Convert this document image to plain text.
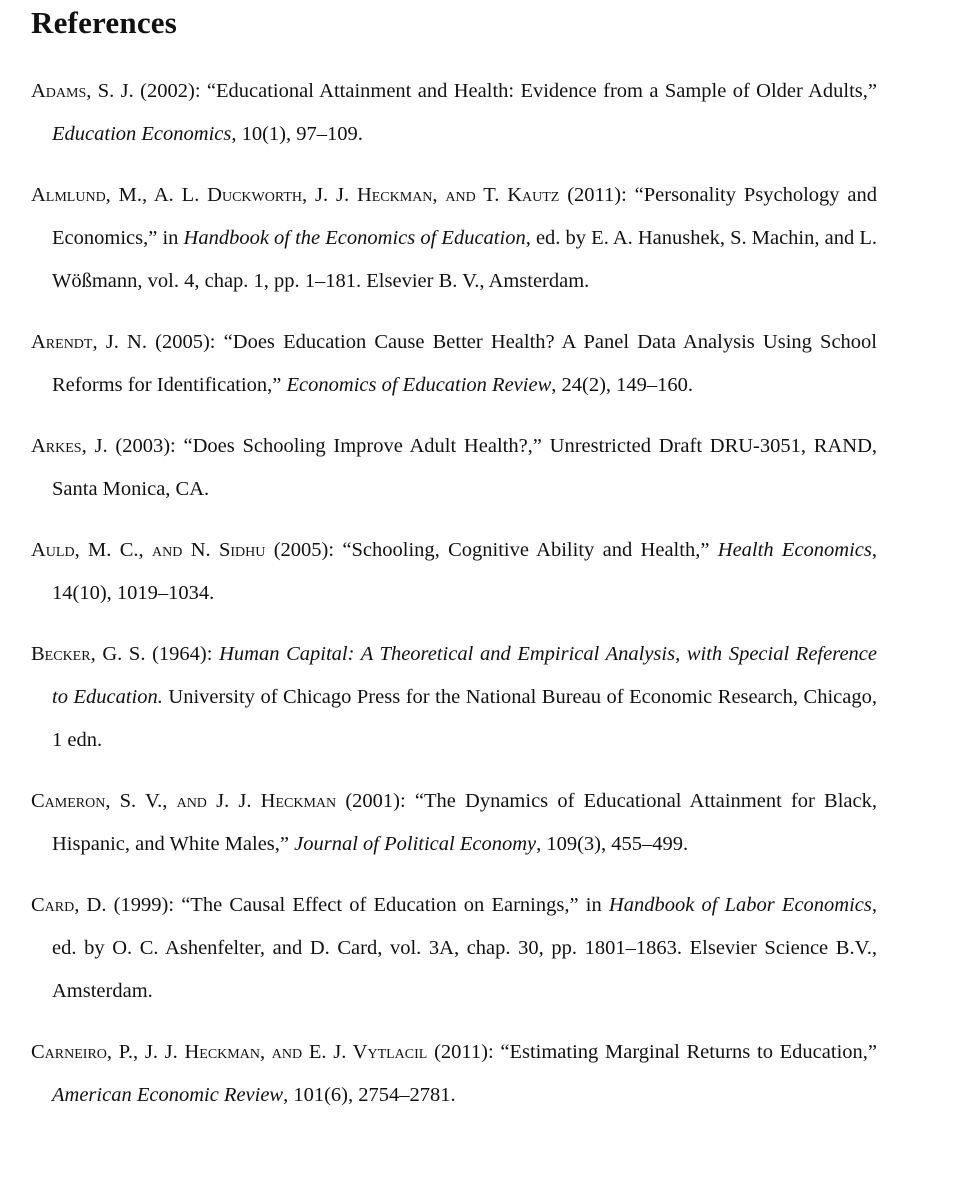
References
Adams, S. J. (2002): “Educational Attainment and Health: Evidence from a Sample of Older Adults,” Education Economics, 10(1), 97–109.
Almlund, M., A. L. Duckworth, J. J. Heckman, and T. Kautz (2011): “Personality Psychology and Economics,” in Handbook of the Economics of Education, ed. by E. A. Hanushek, S. Machin, and L. Wößmann, vol. 4, chap. 1, pp. 1–181. Elsevier B. V., Amsterdam.
Arendt, J. N. (2005): “Does Education Cause Better Health? A Panel Data Analysis Using School Reforms for Identification,” Economics of Education Review, 24(2), 149–160.
Arkes, J. (2003): “Does Schooling Improve Adult Health?,” Unrestricted Draft DRU-3051, RAND, Santa Monica, CA.
Auld, M. C., and N. Sidhu (2005): “Schooling, Cognitive Ability and Health,” Health Economics, 14(10), 1019–1034.
Becker, G. S. (1964): Human Capital: A Theoretical and Empirical Analysis, with Special Reference to Education. University of Chicago Press for the National Bureau of Economic Research, Chicago, 1 edn.
Cameron, S. V., and J. J. Heckman (2001): “The Dynamics of Educational Attainment for Black, Hispanic, and White Males,” Journal of Political Economy, 109(3), 455–499.
Card, D. (1999): “The Causal Effect of Education on Earnings,” in Handbook of Labor Economics, ed. by O. C. Ashenfelter, and D. Card, vol. 3A, chap. 30, pp. 1801–1863. Elsevier Science B.V., Amsterdam.
Carneiro, P., J. J. Heckman, and E. J. Vytlacil (2011): “Estimating Marginal Returns to Education,” American Economic Review, 101(6), 2754–2781.
